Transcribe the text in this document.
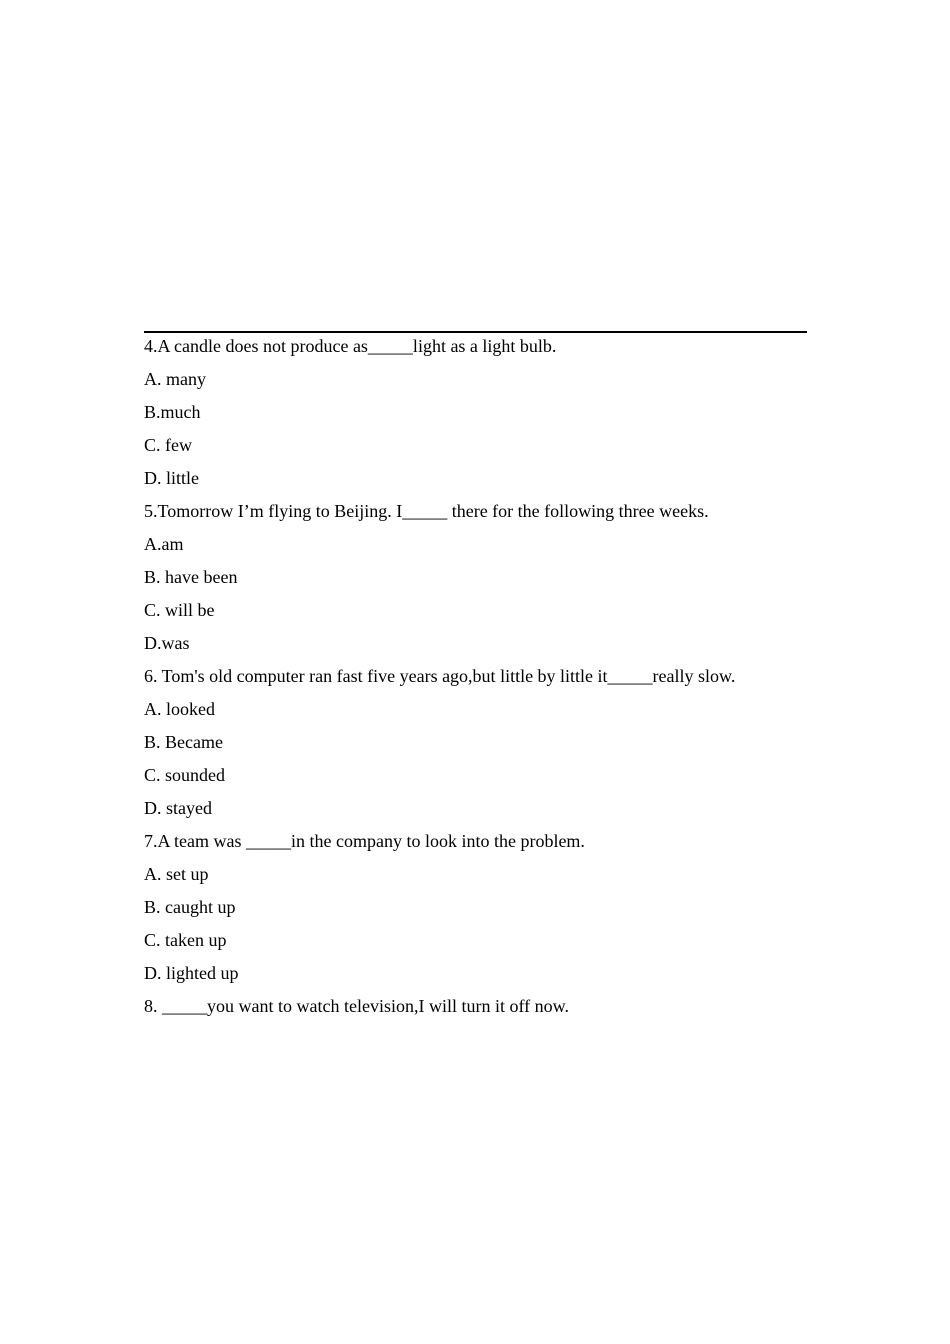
4.A candle does not produce as_____light as a light bulb.
A. many
B.much
C. few
D. little
5.Tomorrow I’m flying to Beijing. I_____ there for the following three weeks.
A.am
B. have been
C. will be
D.was
6. Tom's old computer ran fast five years ago,but little by little it_____really slow.
A. looked
B. Became
C. sounded
D. stayed
7.A team was _____in the company to look into the problem.
A. set up
B. caught up
C. taken up
D. lighted up
8. _____you want to watch television,I will turn it off now.
